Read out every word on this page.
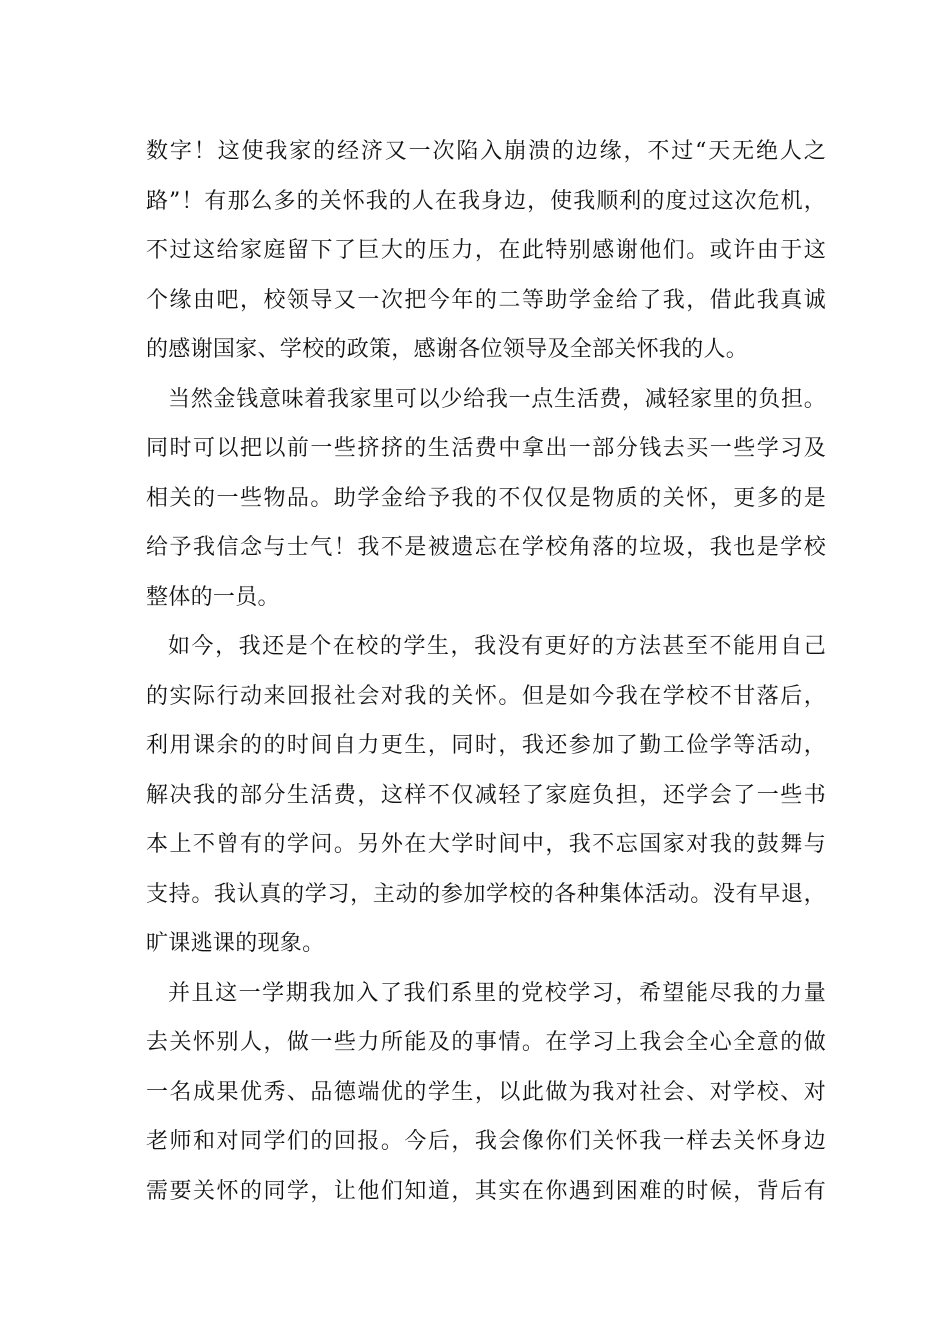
数字！这使我家的经济又一次陷入崩溃的边缘，不过“天无绝人之
路”！有那么多的关怀我的人在我身边，使我顺利的度过这次危机，
不过这给家庭留下了巨大的压力，在此特别感谢他们。或许由于这
个缘由吧，校领导又一次把今年的二等助学金给了我，借此我真诚
的感谢国家、学校的政策，感谢各位领导及全部关怀我的人。
当然金钱意味着我家里可以少给我一点生活费，减轻家里的负担。
同时可以把以前一些挤挤的生活费中拿出一部分钱去买一些学习及
相关的一些物品。助学金给予我的不仅仅是物质的关怀，更多的是
给予我信念与士气！我不是被遗忘在学校角落的垃圾，我也是学校
整体的一员。
如今，我还是个在校的学生，我没有更好的方法甚至不能用自己
的实际行动来回报社会对我的关怀。但是如今我在学校不甘落后，
利用课余的的时间自力更生，同时，我还参加了勤工俭学等活动，
解决我的部分生活费，这样不仅减轻了家庭负担，还学会了一些书
本上不曾有的学问。另外在大学时间中，我不忘国家对我的鼓舞与
支持。我认真的学习，主动的参加学校的各种集体活动。没有早退，
旷课逃课的现象。
并且这一学期我加入了我们系里的党校学习，希望能尽我的力量
去关怀别人，做一些力所能及的事情。在学习上我会全心全意的做
一名成果优秀、品德端优的学生，以此做为我对社会、对学校、对
老师和对同学们的回报。今后，我会像你们关怀我一样去关怀身边
需要关怀的同学，让他们知道，其实在你遇到困难的时候，背后有
